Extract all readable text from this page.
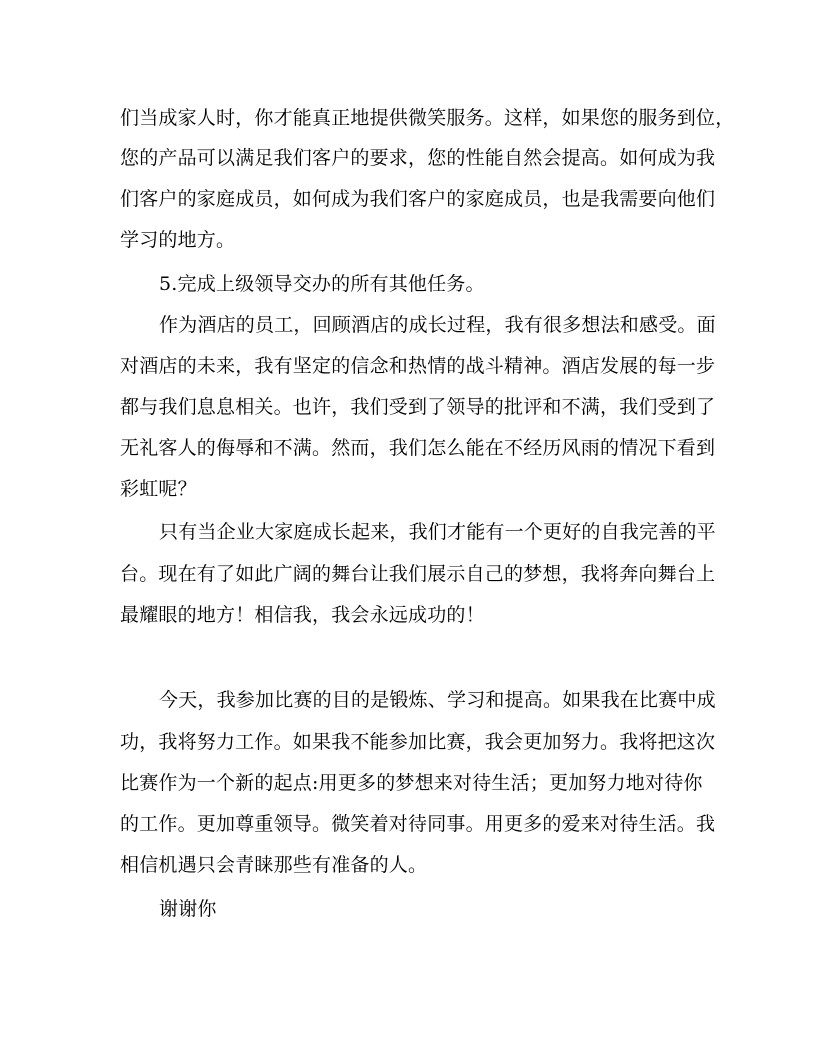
们当成家人时，你才能真正地提供微笑服务。这样，如果您的服务到位，
您的产品可以满足我们客户的要求，您的性能自然会提高。如何成为我
们客户的家庭成员，如何成为我们客户的家庭成员，也是我需要向他们
学习的地方。
5.完成上级领导交办的所有其他任务。
作为酒店的员工，回顾酒店的成长过程，我有很多想法和感受。面
对酒店的未来，我有坚定的信念和热情的战斗精神。酒店发展的每一步
都与我们息息相关。也许，我们受到了领导的批评和不满，我们受到了
无礼客人的侮辱和不满。然而，我们怎么能在不经历风雨的情况下看到
彩虹呢？
只有当企业大家庭成长起来，我们才能有一个更好的自我完善的平
台。现在有了如此广阔的舞台让我们展示自己的梦想，我将奔向舞台上
最耀眼的地方！相信我，我会永远成功的！
今天，我参加比赛的目的是锻炼、学习和提高。如果我在比赛中成
功，我将努力工作。如果我不能参加比赛，我会更加努力。我将把这次
比赛作为一个新的起点:用更多的梦想来对待生活；更加努力地对待你
的工作。更加尊重领导。微笑着对待同事。用更多的爱来对待生活。我
相信机遇只会青睐那些有准备的人。
谢谢你
